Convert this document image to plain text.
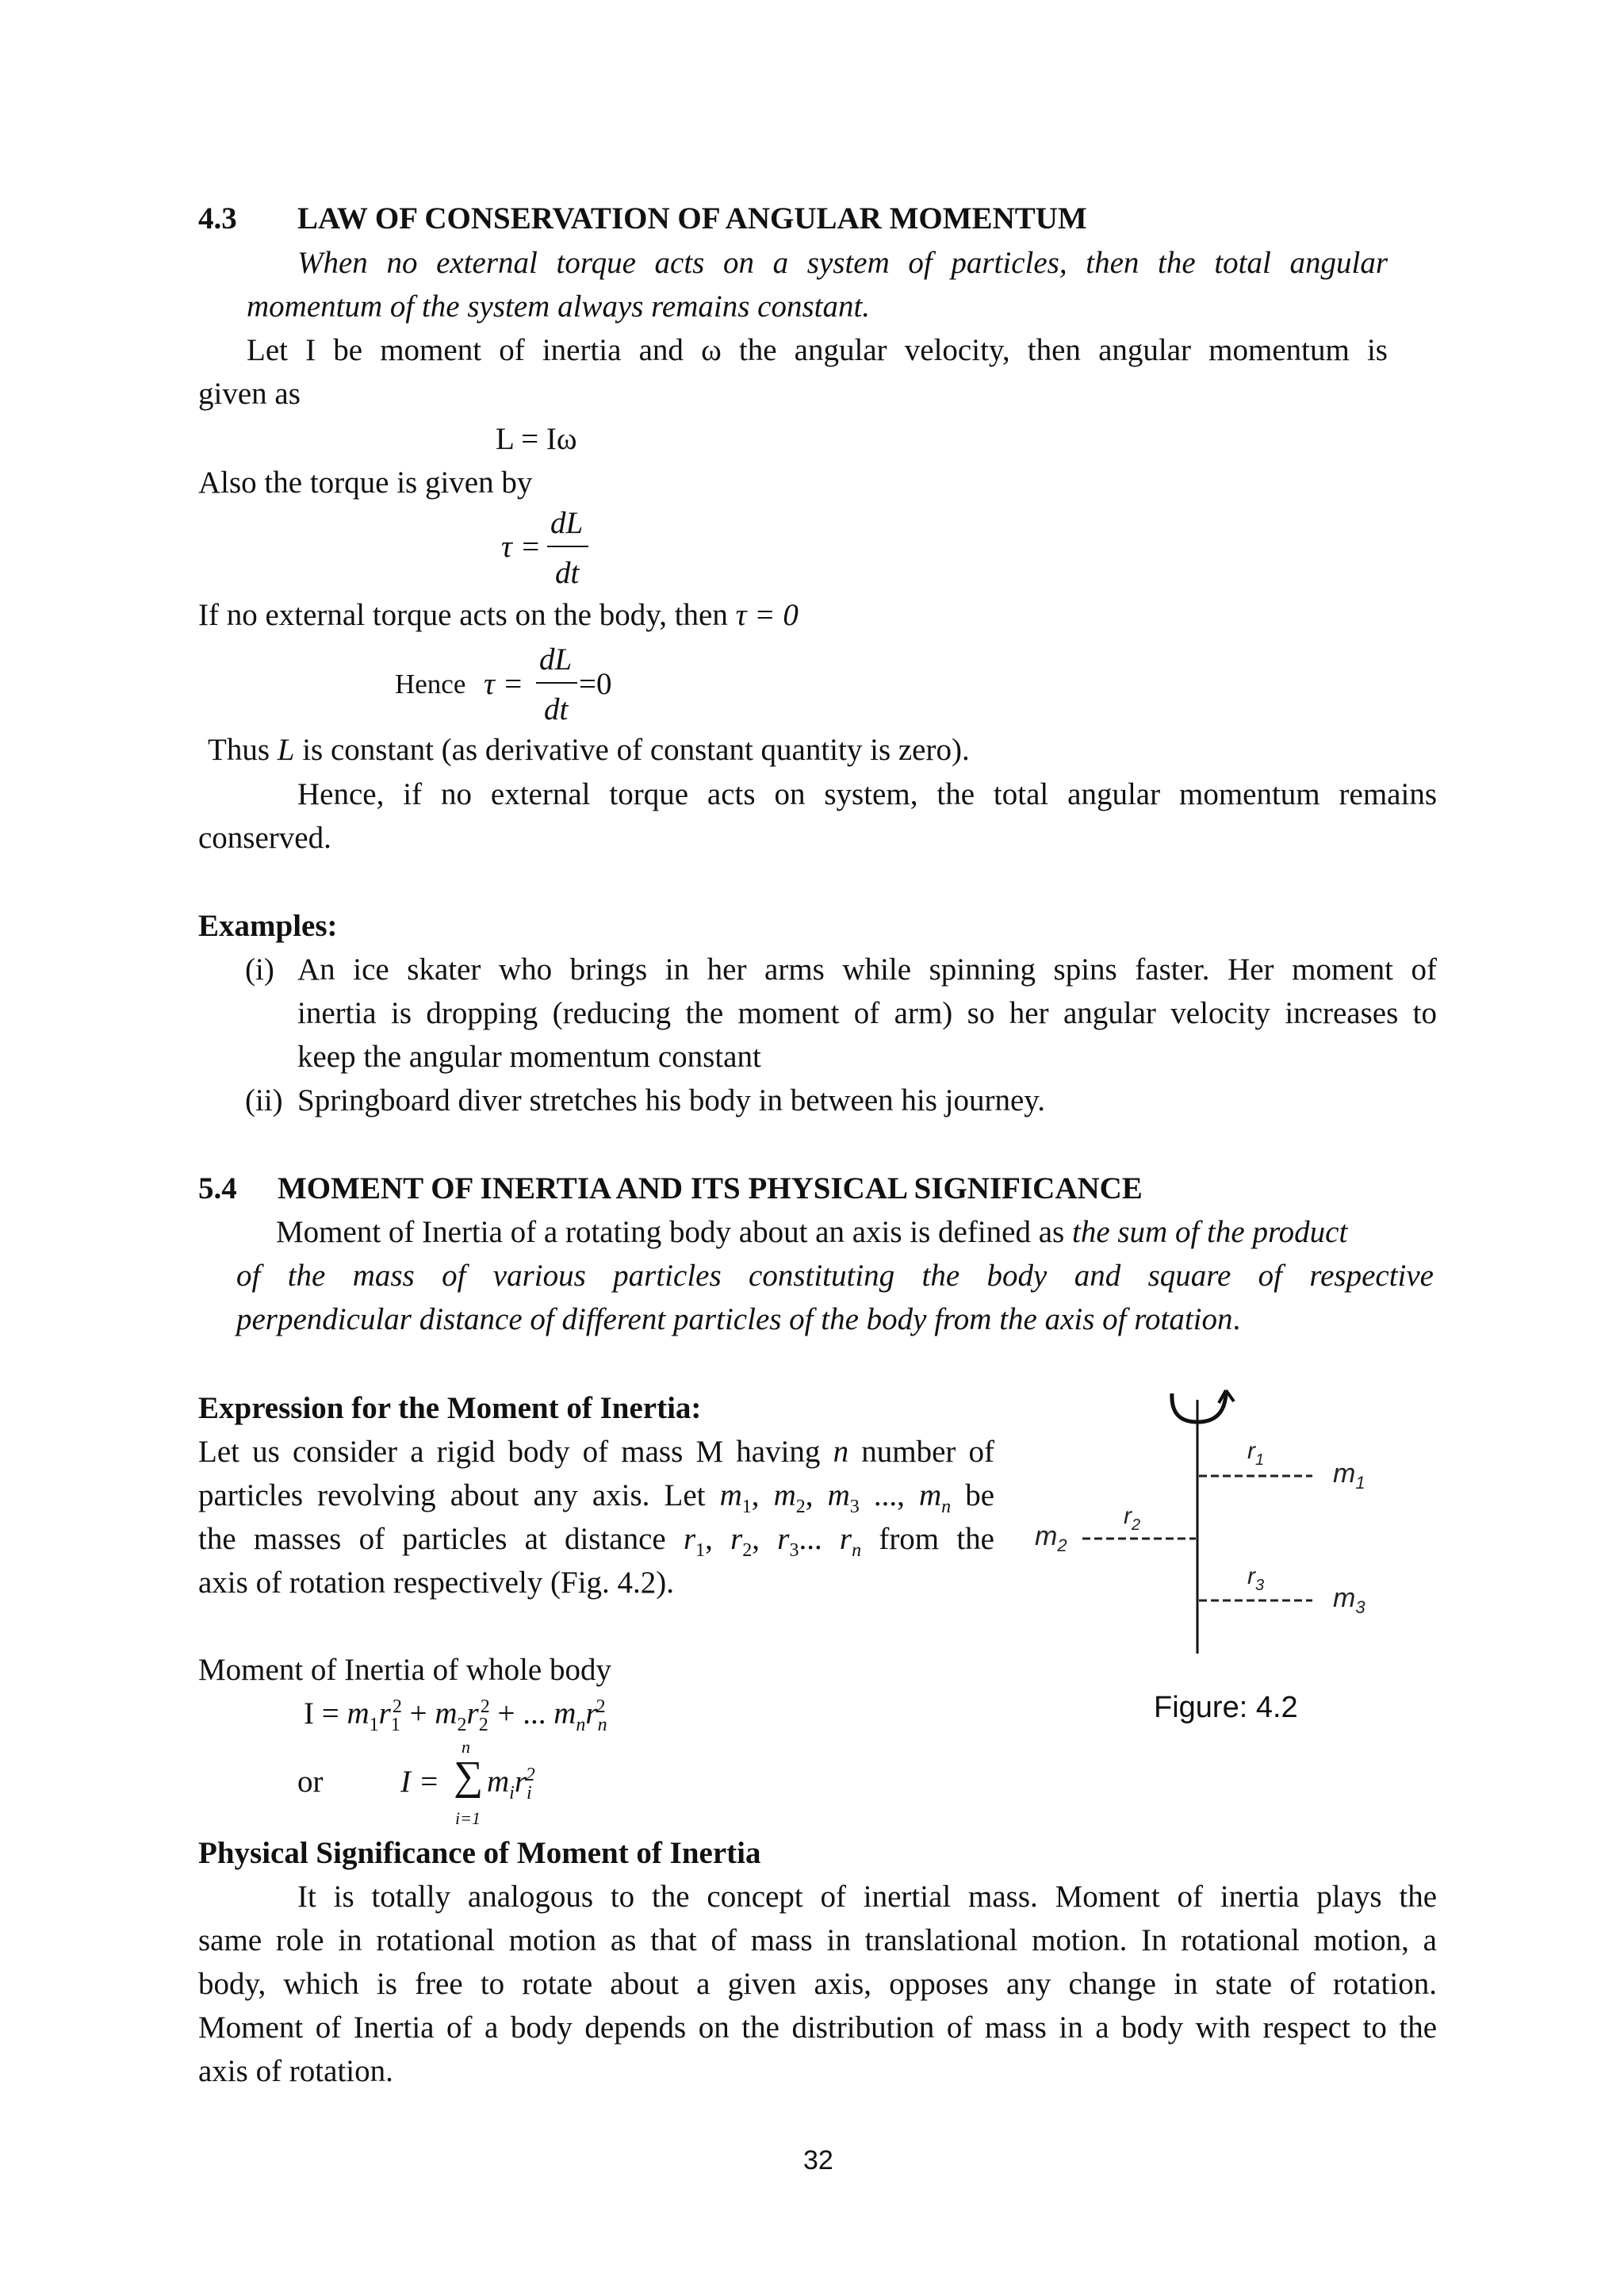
4.3 LAW OF CONSERVATION OF ANGULAR MOMENTUM
When no external torque acts on a system of particles, then the total angular
momentum of the system always remains constant.
Let I be moment of inertia and ω the angular velocity, then angular momentum is
given as
L = Iω
Also the torque is given by
τ =
dL
dt
If no external torque acts on the body, then τ = 0
Hence τ =
dL
dt
=0
Thus L is constant (as derivative of constant quantity is zero).
Hence, if no external torque acts on system, the total angular momentum remains
conserved.
Examples:
(i) An ice skater who brings in her arms while spinning spins faster. Her moment of
inertia is dropping (reducing the moment of arm) so her angular velocity increases to
keep the angular momentum constant
(ii) Springboard diver stretches his body in between his journey.
5.4 MOMENT OF INERTIA AND ITS PHYSICAL SIGNIFICANCE
Moment of Inertia of a rotating body about an axis is defined as the sum of the product
of the mass of various particles constituting the body and square of respective
perpendicular distance of different particles of the body from the axis of rotation.
Expression for the Moment of Inertia:
Let us consider a rigid body of mass M having n number of
particles revolving about any axis. Let $m_1$, $m_2$, $m_3$ ..., $m_n$ be
the masses of particles at distance $r_1$, $r_2$, $r_3$... $r_n$ from the
axis of rotation respectively (Fig. 4.2).
Moment of Inertia of whole body
$I = m_1r_1^2 + m_2r_2^2$ + ... $m_nr_n^2$
or	I =
n
∑
i=1
$m_ir_i^2$
$r_1$	$m_1$
$r_2$
$m_2$
$r_3$	$m_3$
Figure: 4.2
Physical Significance of Moment of Inertia
It is totally analogous to the concept of inertial mass. Moment of inertia plays the
same role in rotational motion as that of mass in translational motion. In rotational motion, a
body, which is free to rotate about a given axis, opposes any change in state of rotation.
Moment of Inertia of a body depends on the distribution of mass in a body with respect to the
axis of rotation.
32
